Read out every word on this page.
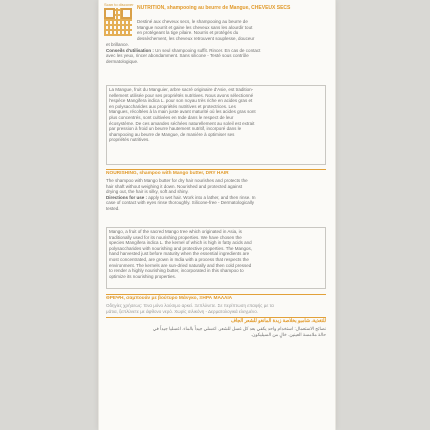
Scan to discover
NUTRITION, shampooing au beurre de Mangue, CHEVEUX SECS
Destiné aux cheveux secs, le shampooing au beurre de
Mangue nourrit et gaine les cheveux sans les alourdir tout
en protégeant la tige pilaire. Nourris et protégés du
dessèchement, les cheveux retrouvent souplesse, douceur
et brillance.
Conseils d'utilisation : Un seul shampooing suffit. Rincer. En cas de contact
avec les yeux, rincer abondamment. Sans silicone - Testé sous contrôle
dermatologique.
La Mangue, fruit du Manguier, arbre sacré originaire d'Asie, est tradition-
nellement utilisée pour ses propriétés nutritives. Nous avons sélectionné
l'espèce Mangifera indica L. pour son noyau très riche en acides gras et
en polysaccharides aux propriétés nutritives et protectrices. Les
Mangues, récoltées à la main juste avant maturité où les acides gras sont
plus concentrés, sont cultivées en Inde dans le respect de leur
écosystème. De ces amandes séchées naturellement au soleil est extrait
par pression à froid un beurre hautement nutritif, incorporé dans le
shampooing au beurre de Mangue, de manière à optimiser ses
propriétés nutritives.
NOURISHING, shampoo with Mango butter, DRY HAIR
The shampoo with Mango butter for dry hair nourishes and protects the
hair shaft without weighing it down. Nourished and protected against
drying out, the hair is silky, soft and shiny.
Directions for use : apply to wet hair. Work into a lather, and then rinse. In
case of contact with eyes rinse thoroughly. Silicone-free - Dermatologically
tested.
Mango, a fruit of the sacred Mango tree which originated in Asia, is
traditionally used for its nourishing properties. We have chosen the
species Mangifera indica L. the kernel of which is high in fatty acids and
polysaccharides with nourishing and protective properties. The Mangos,
hand harvested just before maturity when the essential ingredients are
most concentrated, are grown in India with a process that respects the
environment. The kernels are sun-dried naturally and then cold pressed
to render a highly nourishing butter, incorporated in this shampoo to
optimize its nourishing properties.
ΘΡΕΨΗ, σαμπουάν με βούτυρο Μάνγκο, ΞΗΡΑ ΜΑΛΛΙΑ
Οδηγίες χρήσεως: Ένα μόνο λούσιμο αρκεί. Ξεπλύνετε. Σε περίπτωση επαφής με τα
μάτια, ξεπλύνετε με άφθονο νερό. Χωρίς σιλικόνη - Δερματολογικά ελεγμένο.
للتغذية، شامبو بخلاصة زبدة المانغو للشعر الجاف
نصائح الاستعمال: استخدام واحد يكفي بعد كل غسل للشعر. اغسلي جيداً بالماء. اغسليا جيداً في
حالة ملامسة العينين. خالٍ من السيليكون.
